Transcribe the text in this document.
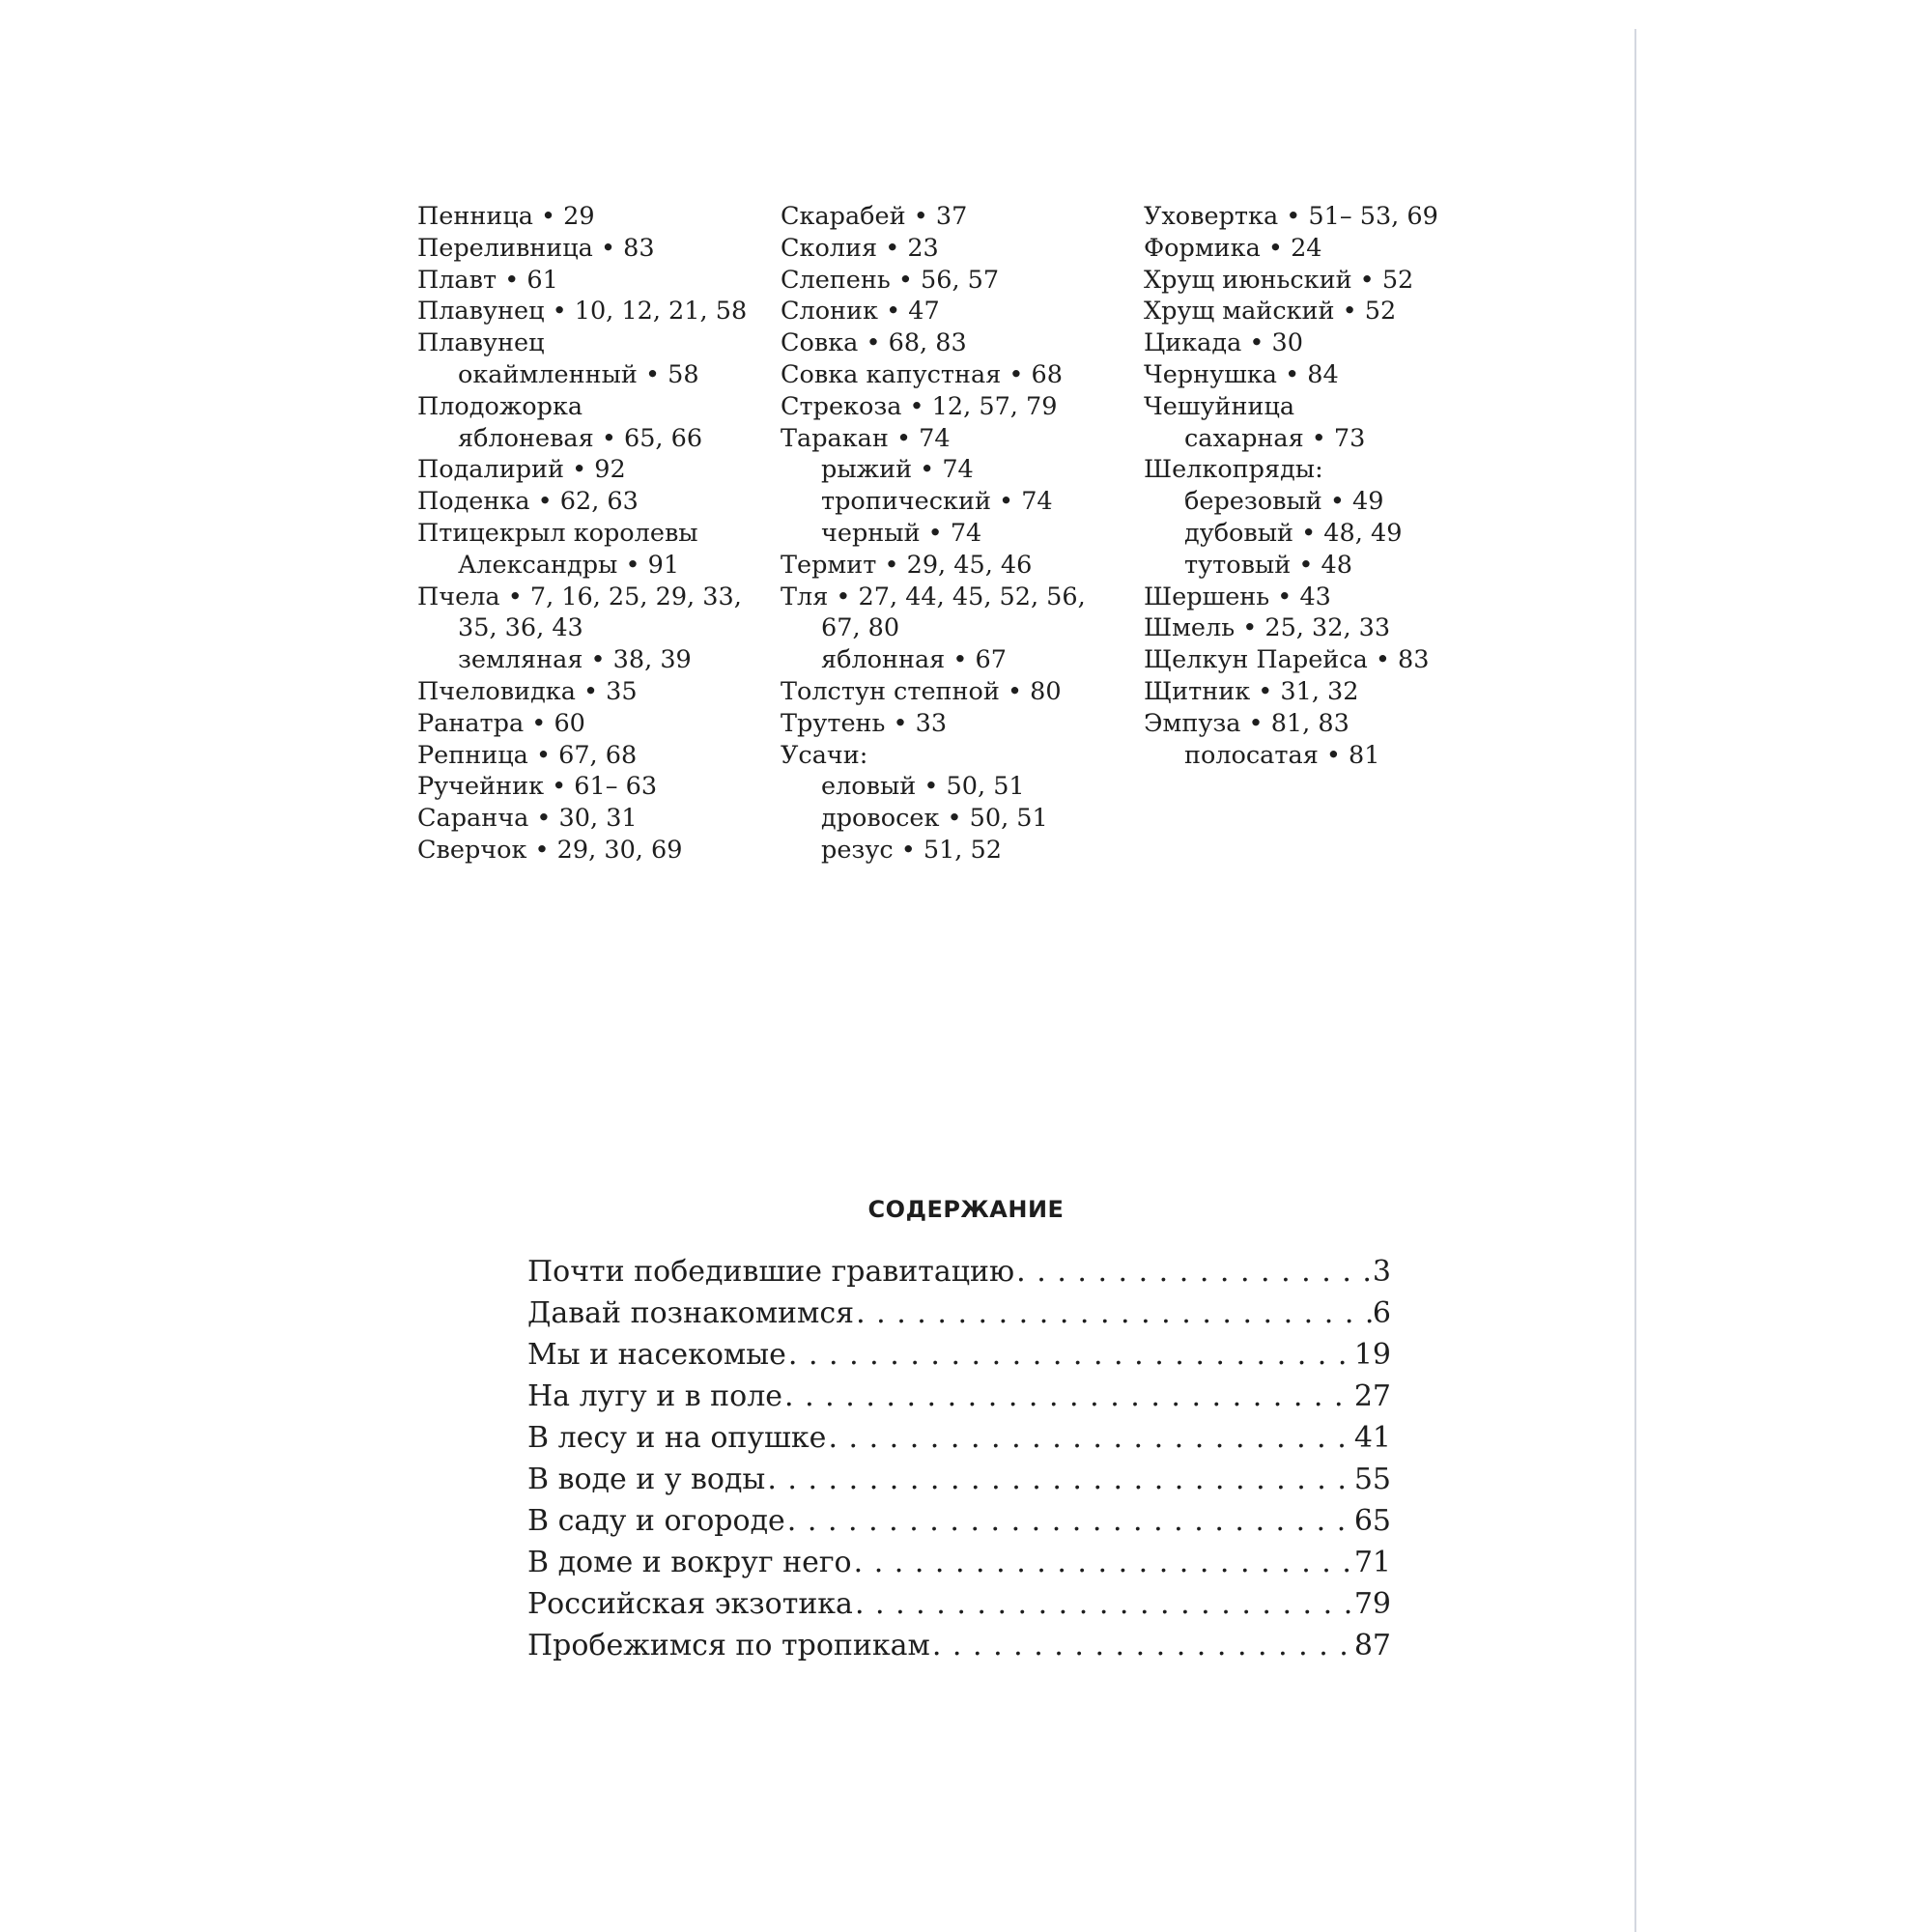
Пенница • 29
Переливница • 83
Плавт • 61
Плавунец • 10, 12, 21, 58
Плавунец
окаймленный • 58
Плодожорка
яблоневая • 65, 66
Подалирий • 92
Поденка • 62, 63
Птицекрыл королевы
Александры • 91
Пчела • 7, 16, 25, 29, 33,
35, 36, 43
земляная • 38, 39
Пчеловидка • 35
Ранатра • 60
Репница • 67, 68
Ручейник • 61– 63
Саранча • 30, 31
Сверчок • 29, 30, 69
Скарабей • 37
Сколия • 23
Слепень • 56, 57
Слоник • 47
Совка • 68, 83
Совка капустная • 68
Стрекоза • 12, 57, 79
Таракан • 74
рыжий • 74
тропический • 74
черный • 74
Термит • 29, 45, 46
Тля • 27, 44, 45, 52, 56,
67, 80
яблонная • 67
Толстун степной • 80
Трутень • 33
Усачи:
еловый • 50, 51
дровосек • 50, 51
резус • 51, 52
Уховертка • 51– 53, 69
Формика • 24
Хрущ июньский • 52
Хрущ майский • 52
Цикада • 30
Чернушка • 84
Чешуйница
сахарная • 73
Шелкопряды:
березовый • 49
дубовый • 48, 49
тутовый • 48
Шершень • 43
Шмель • 25, 32, 33
Щелкун Парейса • 83
Щитник • 31, 32
Эмпуза • 81, 83
полосатая • 81
СОДЕРЖАНИЕ
Почти победившие гравитацию . . .	3
Давай познакомимся . . .	6
Мы и насекомые . . .	19
На лугу и в поле . . .	27
В лесу и на опушке . . .	41
В воде и у воды . . .	55
В саду и огороде . . .	65
В доме и вокруг него . . .	71
Российская экзотика . . .	79
Пробежимся по тропикам . . .	87
